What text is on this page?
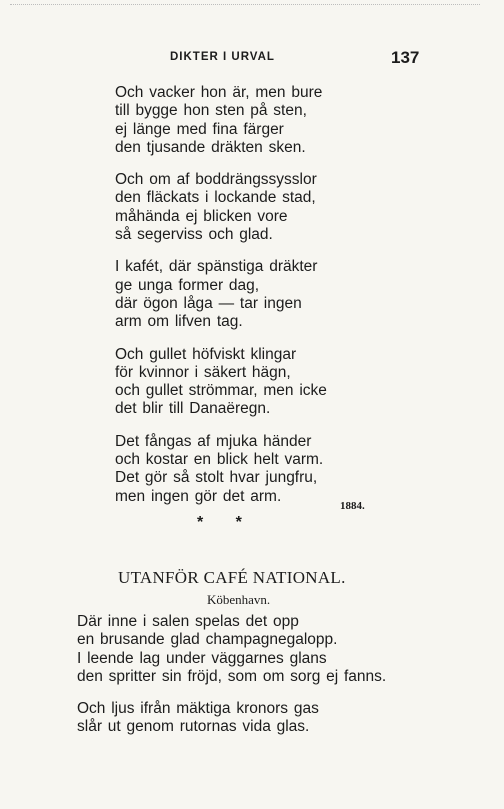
DIKTER I URVAL	137
Och vacker hon är, men bure
till bygge hon sten på sten,
ej länge med fina färger
den tjusande dräkten sken.
Och om af boddrängssysslor
den fläckats i lockande stad,
måhända ej blicken vore
så segerviss och glad.
I kafét, där spänstiga dräkter
ge unga former dag,
där ögon låga — tar ingen
arm om lifven tag.
Och gullet höfviskt klingar
för kvinnor i säkert hägn,
och gullet strömmar, men icke
det blir till Danaëregn.
Det fångas af mjuka händer
och kostar en blick helt varm.
Det gör så stolt hvar jungfru,
men ingen gör det arm.
1884.
* *
UTANFÖR CAFÉ NATIONAL.
Köbenhavn.
Där inne i salen spelas det opp
en brusande glad champagnegalopp.
I leende lag under väggarnes glans
den spritter sin fröjd, som om sorg ej fanns.
Och ljus ifrån mäktiga kronors gas
slår ut genom rutornas vida glas.
